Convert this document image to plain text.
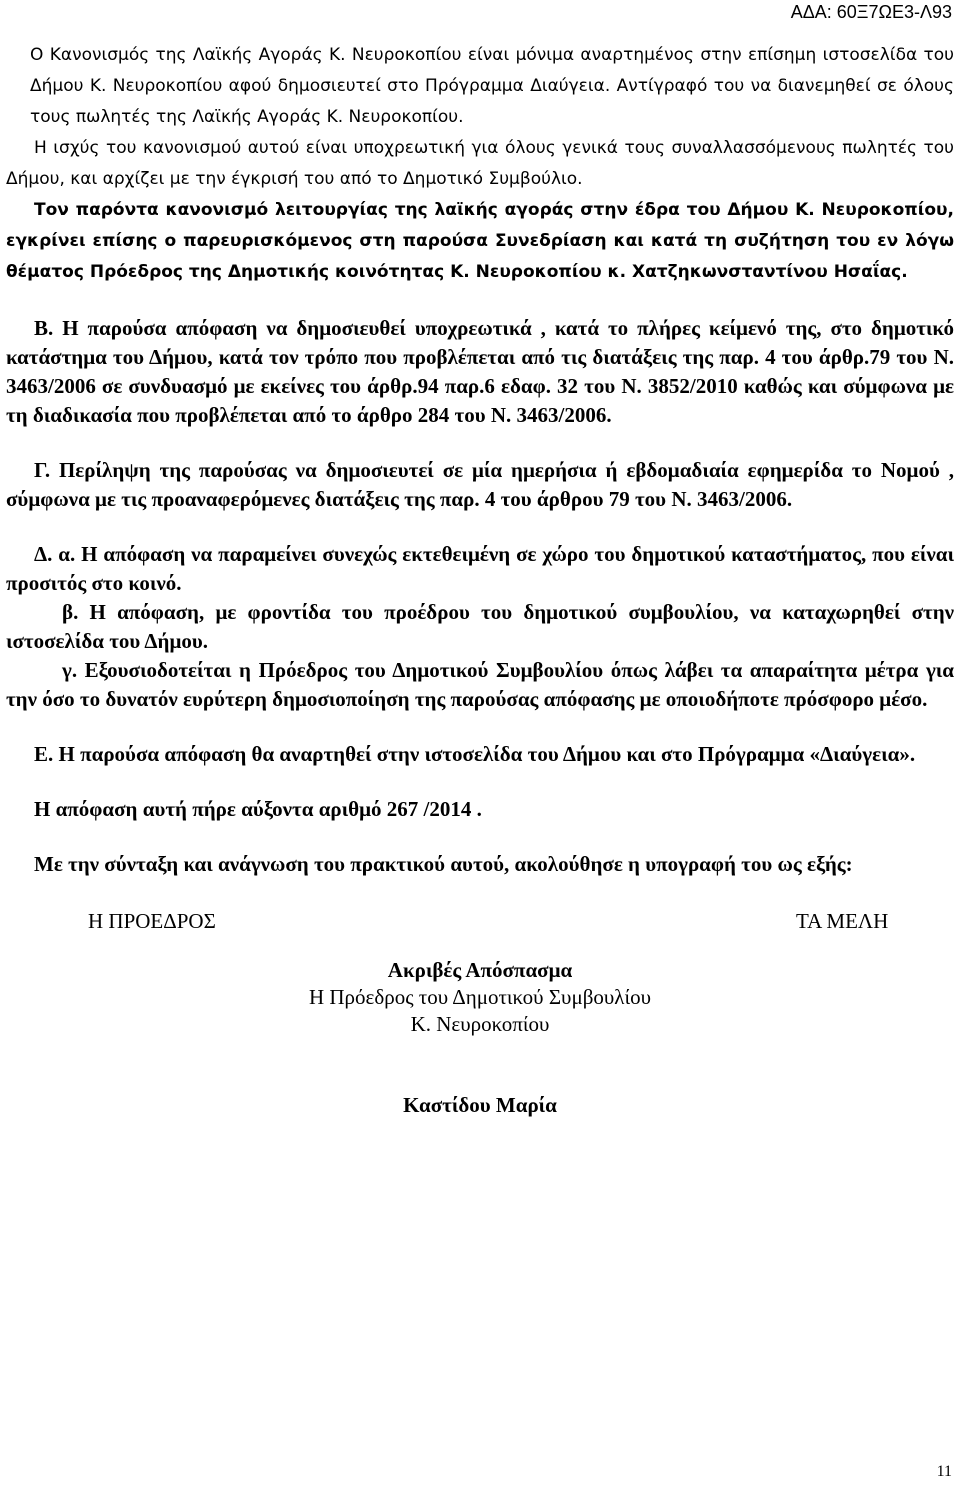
ΑΔΑ: 60Ξ7ΩΕ3-Λ93

Ο Κανονισμός της Λαϊκής Αγοράς Κ. Νευροκοπίου είναι μόνιμα αναρτημένος στην επίσημη ιστοσελίδα του Δήμου Κ. Νευροκοπίου αφού δημοσιευτεί στο Πρόγραμμα Διαύγεια. Αντίγραφό του να διανεμηθεί σε όλους τους πωλητές της Λαϊκής Αγοράς Κ. Νευροκοπίου.

Η ισχύς του κανονισμού αυτού είναι υποχρεωτική για όλους γενικά τους συναλλασσόμενους πωλητές του Δήμου, και αρχίζει με την έγκρισή του από το Δημοτικό Συμβούλιο.

Τον παρόντα κανονισμό λειτουργίας της λαϊκής αγοράς στην έδρα του Δήμου Κ. Νευροκοπίου, εγκρίνει επίσης ο παρευρισκόμενος στη παρούσα Συνεδρίαση και κατά τη συζήτηση του εν λόγω θέματος Πρόεδρος της Δημοτικής κοινότητας Κ. Νευροκοπίου κ. Χατζηκωνσταντίνου Ησαΐας.

Β. Η παρούσα απόφαση να δημοσιευθεί υποχρεωτικά , κατά το πλήρες κείμενό της, στο δημοτικό κατάστημα του Δήμου, κατά τον τρόπο που προβλέπεται από τις διατάξεις της παρ. 4 του άρθρ.79 του Ν. 3463/2006 σε συνδυασμό με εκείνες του άρθρ.94 παρ.6 εδαφ. 32 του Ν. 3852/2010 καθώς και σύμφωνα με τη διαδικασία που προβλέπεται από το άρθρο 284 του Ν. 3463/2006.

Γ. Περίληψη της παρούσας να δημοσιευτεί σε μία ημερήσια ή εβδομαδιαία εφημερίδα το Νομού , σύμφωνα με τις προαναφερόμενες διατάξεις της παρ. 4 του άρθρου 79 του Ν. 3463/2006.

Δ. α. Η απόφαση να παραμείνει συνεχώς εκτεθειμένη σε χώρο του δημοτικού καταστήματος, που είναι προσιτός στο κοινό.

β. Η απόφαση, με φροντίδα του προέδρου του δημοτικού συμβουλίου, να καταχωρηθεί στην ιστοσελίδα του Δήμου.

γ. Εξουσιοδοτείται η Πρόεδρος του Δημοτικού Συμβουλίου όπως λάβει τα απαραίτητα μέτρα για την όσο το δυνατόν ευρύτερη δημοσιοποίηση της παρούσας απόφασης με οποιοδήποτε πρόσφορο μέσο.

Ε. Η παρούσα απόφαση θα αναρτηθεί στην ιστοσελίδα του Δήμου και στο Πρόγραμμα «Διαύγεια».

Η απόφαση αυτή πήρε αύξοντα αριθμό 267 /2014 .

Με την σύνταξη και ανάγνωση του πρακτικού αυτού, ακολούθησε η υπογραφή του ως εξής:

Η ΠΡΟΕΔΡΟΣ	ΤΑ ΜΕΛΗ
Ακριβές Απόσπασμα
Η Πρόεδρος του Δημοτικού Συμβουλίου
Κ. Νευροκοπίου
Καστίδου Μαρία
11
